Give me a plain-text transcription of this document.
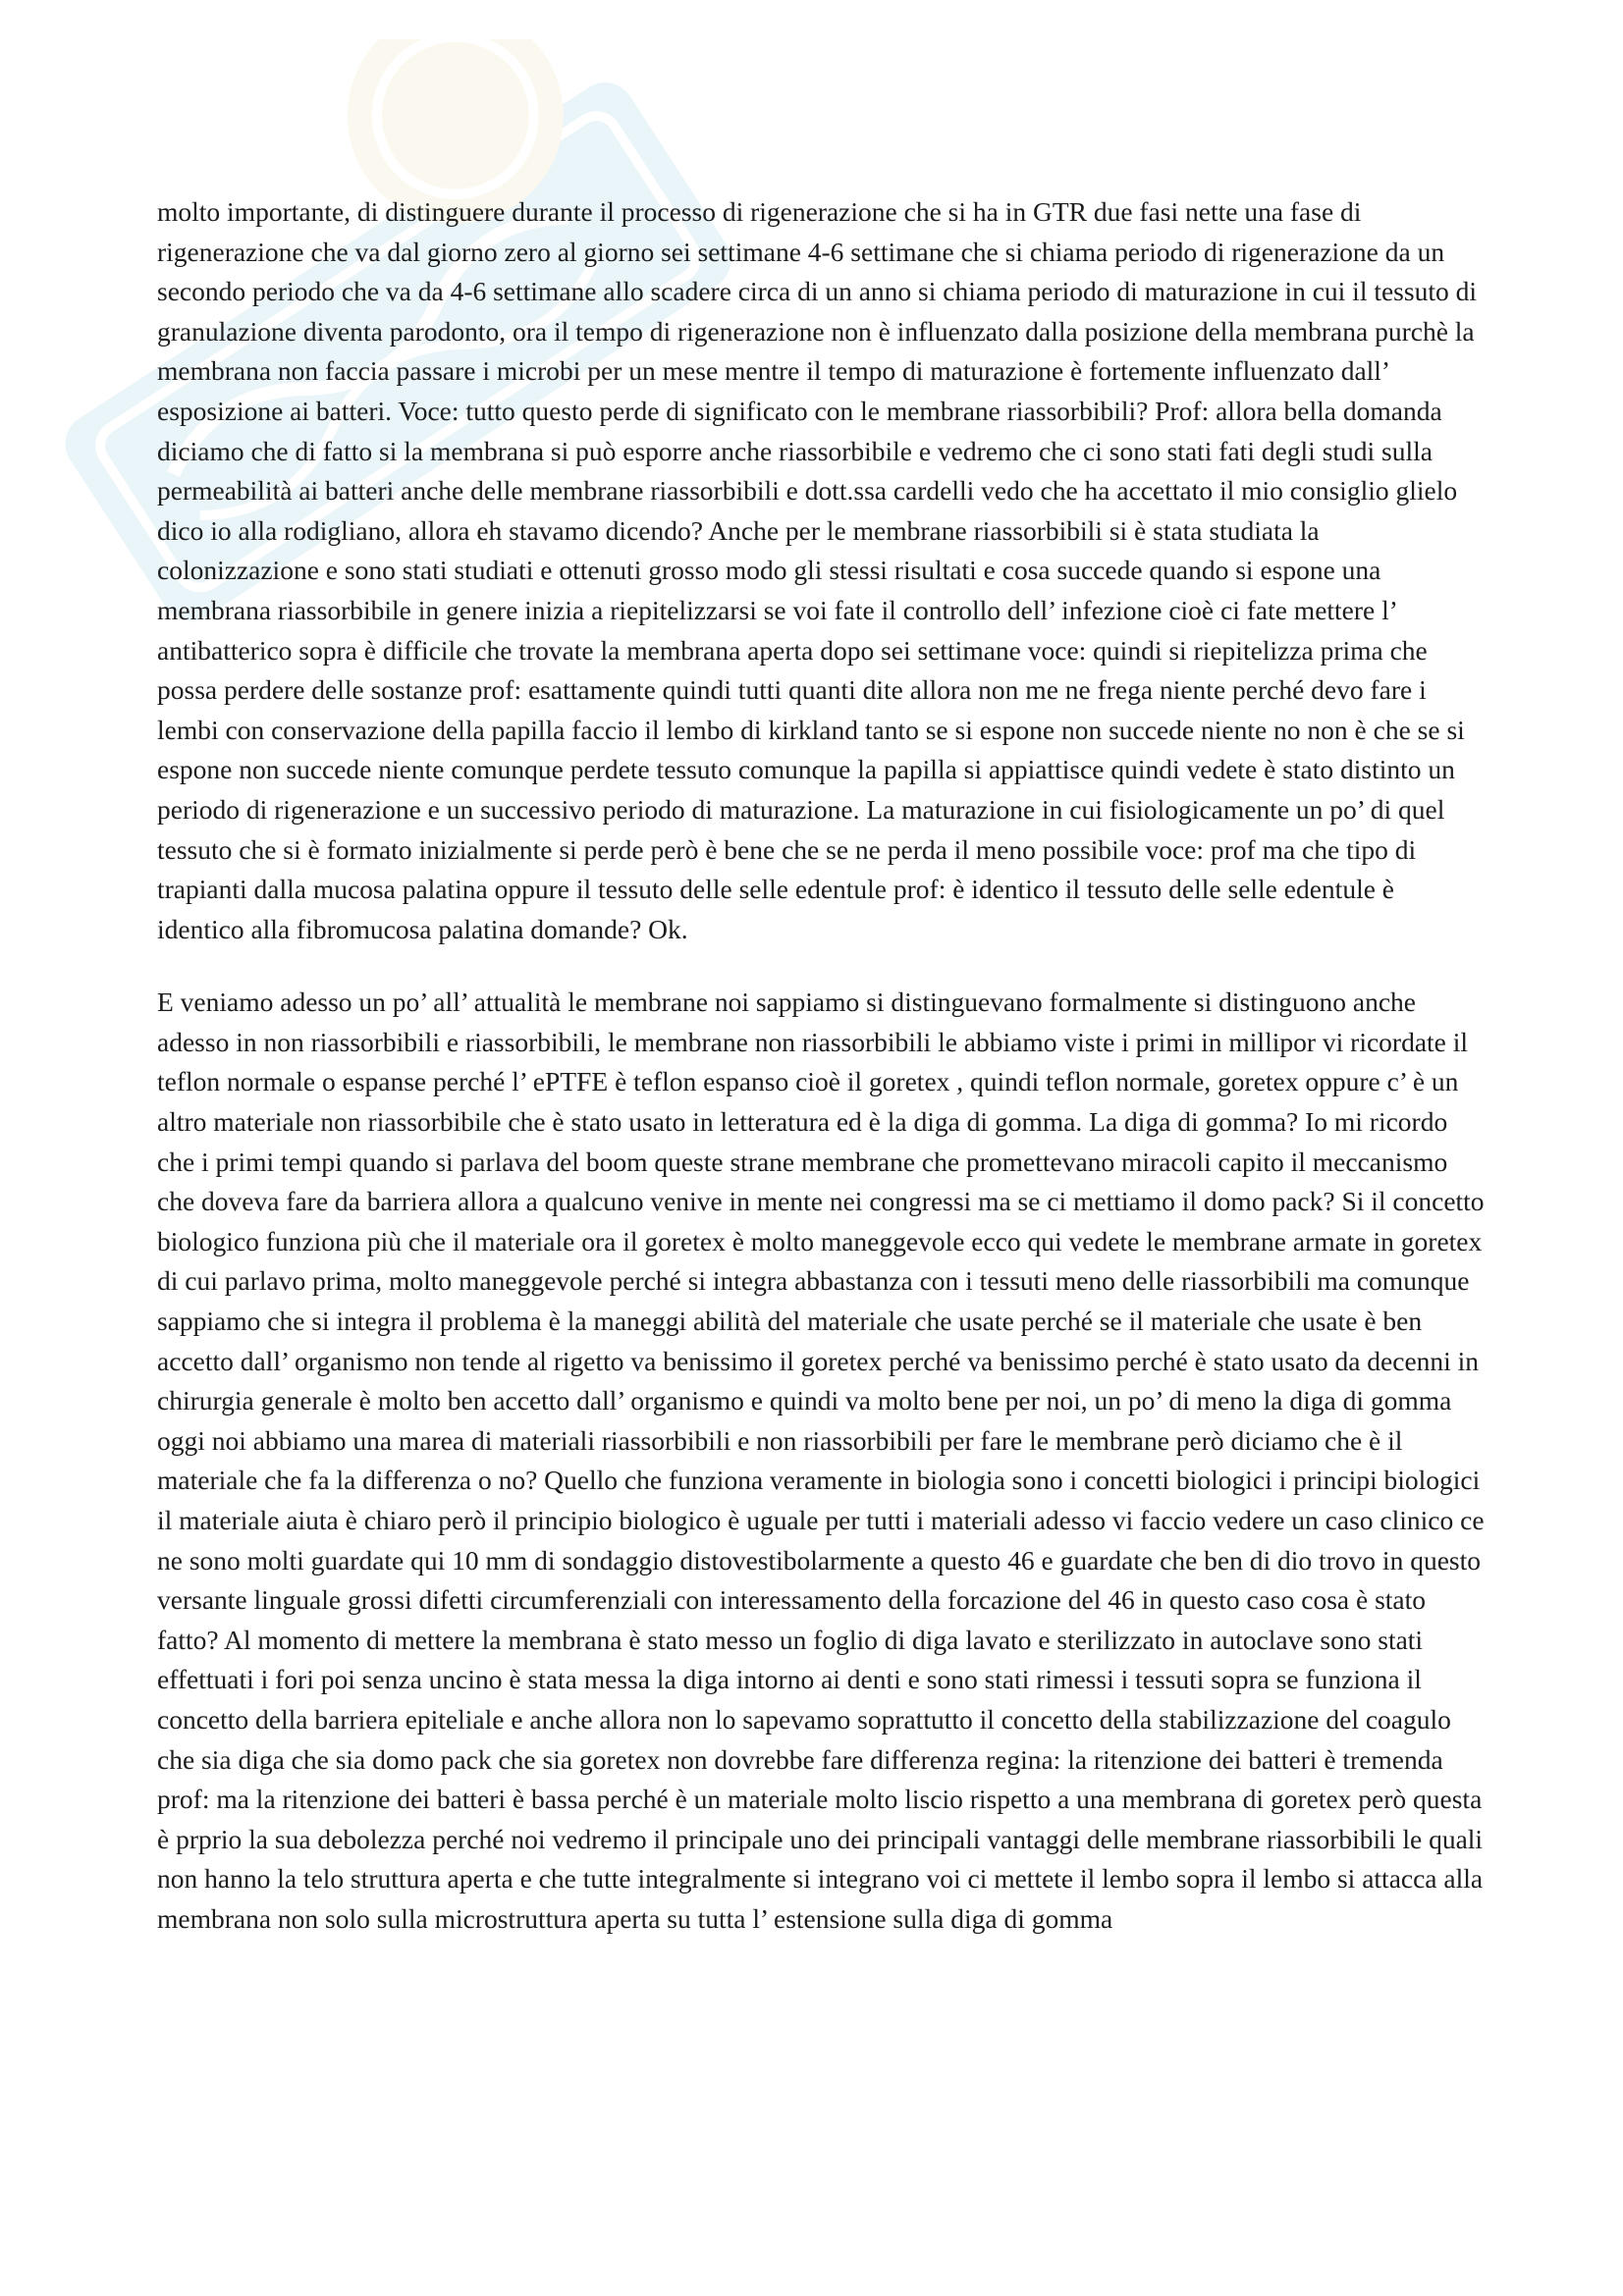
molto importante, di distinguere durante il processo di rigenerazione che si ha in GTR due fasi nette una fase di rigenerazione che va dal giorno zero al giorno sei settimane 4-6 settimane che si chiama periodo di rigenerazione da un secondo periodo che va da 4-6 settimane allo scadere circa di un anno si chiama periodo di maturazione in cui il tessuto di granulazione diventa parodonto, ora il tempo di rigenerazione non è influenzato dalla posizione della membrana purchè la membrana non faccia passare i microbi per un mese mentre il tempo di maturazione è fortemente influenzato dall’ esposizione ai batteri. Voce: tutto questo perde di significato con le membrane riassorbibili? Prof: allora bella domanda diciamo che di fatto si la membrana si può esporre anche riassorbibile e vedremo che ci sono stati fati degli studi sulla permeabilità ai batteri anche delle membrane riassorbibili e dott.ssa cardelli vedo che ha accettato il mio consiglio glielo dico io alla rodigliano, allora eh stavamo dicendo? Anche per le membrane riassorbibili si è stata studiata la colonizzazione e sono stati studiati e ottenuti grosso modo gli stessi risultati e cosa succede quando si espone una membrana riassorbibile in genere inizia a riepitelizzarsi se voi fate il controllo dell’ infezione cioè ci fate mettere l’ antibatterico sopra è difficile che trovate la membrana aperta dopo sei settimane voce: quindi si riepitelizza prima che possa perdere delle sostanze prof: esattamente quindi tutti quanti dite allora non me ne frega niente perché devo fare i lembi con conservazione della papilla faccio il lembo di kirkland tanto se si espone non succede niente no non è che se si espone non succede niente comunque perdete tessuto comunque la papilla si appiattisce quindi vedete è stato distinto un periodo di rigenerazione e un successivo periodo di maturazione. La maturazione in cui fisiologicamente un po’ di quel tessuto che si è formato inizialmente si perde però è bene che se ne perda il meno possibile voce: prof ma che tipo di trapianti dalla mucosa palatina oppure il tessuto delle selle edentule prof: è identico il tessuto delle selle edentule è identico alla fibromucosa palatina domande? Ok.

E veniamo adesso un po’ all’ attualità le membrane noi sappiamo si distinguevano formalmente si distinguono anche adesso in non riassorbibili e riassorbibili, le membrane non riassorbibili le abbiamo viste i primi in millipor vi ricordate il teflon normale o espanse perché l’ ePTFE è teflon espanso cioè il goretex , quindi teflon normale, goretex oppure c’ è un altro materiale non riassorbibile che è stato usato in letteratura ed è la diga di gomma. La diga di gomma? Io mi ricordo che i primi tempi quando si parlava del boom queste strane membrane che promettevano miracoli capito il meccanismo che doveva fare da barriera allora a qualcuno venive in mente nei congressi ma se ci mettiamo il domo pack? Si il concetto biologico funziona più che il materiale ora il goretex è molto maneggevole ecco qui vedete le membrane armate in goretex di cui parlavo prima, molto maneggevole perché si integra abbastanza con i tessuti meno delle riassorbibili ma comunque sappiamo che si integra il problema è la maneggi abilità del materiale che usate perché se il materiale che usate è ben accetto dall’ organismo non tende al rigetto va benissimo il goretex perché va benissimo perché è stato usato da decenni in chirurgia generale è molto ben accetto dall’ organismo e quindi va molto bene per noi, un po’ di meno la diga di gomma oggi noi abbiamo una marea di materiali riassorbibili e non riassorbibili per fare le membrane però diciamo che è il materiale che fa la differenza o no? Quello che funziona veramente in biologia sono i concetti biologici i principi biologici il materiale aiuta è chiaro però il principio biologico è uguale per tutti i materiali adesso vi faccio vedere un caso clinico ce ne sono molti guardate qui 10 mm di sondaggio distovestibolarmente a questo 46 e guardate che ben di dio trovo in questo versante linguale grossi difetti circumferenziali con interessamento della forcazione del 46 in questo caso cosa è stato fatto? Al momento di mettere la membrana è stato messo un foglio di diga lavato e sterilizzato in autoclave sono stati effettuati i fori poi senza uncino è stata messa la diga intorno ai denti e sono stati rimessi i tessuti sopra se funziona il concetto della barriera epiteliale e anche allora non lo sapevamo soprattutto il concetto della stabilizzazione del coagulo che sia diga che sia domo pack che sia goretex non dovrebbe fare differenza regina: la ritenzione dei batteri è tremenda prof: ma la ritenzione dei batteri è bassa perché è un materiale molto liscio rispetto a una membrana di goretex però questa è prprio la sua debolezza perché noi vedremo il principale uno dei principali vantaggi delle membrane riassorbibili le quali non hanno la telo struttura aperta e che tutte integralmente si integrano voi ci mettete il lembo sopra il lembo si attacca alla membrana non solo sulla microstruttura aperta su tutta l’ estensione sulla diga di gomma
